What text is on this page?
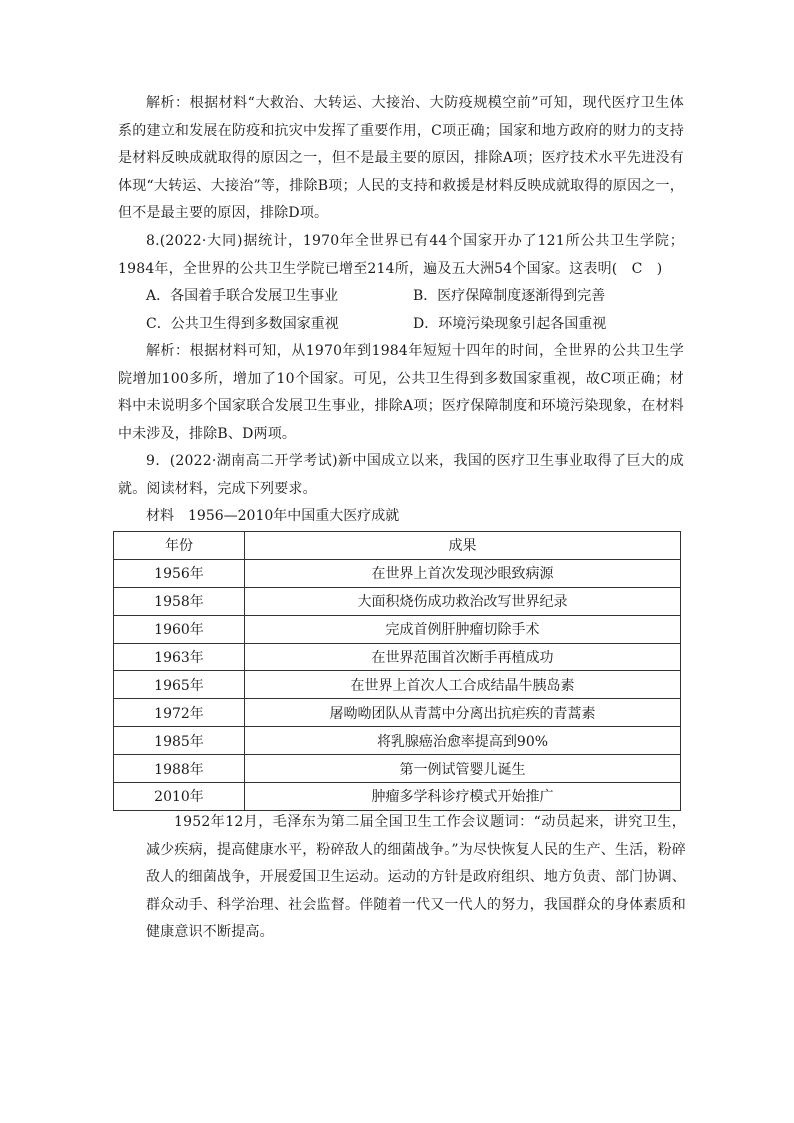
解析：根据材料“大救治、大转运、大接治、大防疫规模空前”可知，现代医疗卫生体系的建立和发展在防疫和抗灾中发挥了重要作用，C项正确；国家和地方政府的财力的支持是材料反映成就取得的原因之一，但不是最主要的原因，排除A项；医疗技术水平先进没有体现“大转运、大接治”等，排除B项；人民的支持和救援是材料反映成就取得的原因之一，但不是最主要的原因，排除D项。

8.(2022·大同)据统计，1970年全世界已有44个国家开办了121所公共卫生学院；1984年，全世界的公共卫生学院已增至214所，遍及五大洲54个国家。这表明(　C　)

A．各国着手联合发展卫生事业	B．医疗保障制度逐渐得到完善
C．公共卫生得到多数国家重视	D．环境污染现象引起各国重视

解析：根据材料可知，从1970年到1984年短短十四年的时间，全世界的公共卫生学院增加100多所，增加了10个国家。可见，公共卫生得到多数国家重视，故C项正确；材料中未说明多个国家联合发展卫生事业，排除A项；医疗保障制度和环境污染现象，在材料中未涉及，排除B、D两项。

9．(2022·湖南高二开学考试)新中国成立以来，我国的医疗卫生事业取得了巨大的成就。阅读材料，完成下列要求。

材料 1956—2010年中国重大医疗成就
年份	成果
1956年	在世界上首次发现沙眼致病源
1958年	大面积烧伤成功救治改写世界纪录
1960年	完成首例肝肿瘤切除手术
1963年	在世界范围首次断手再植成功
1965年	在世界上首次人工合成结晶牛胰岛素
1972年	屠呦呦团队从青蒿中分离出抗疟疾的青蒿素
1985年	将乳腺癌治愈率提高到90%
1988年	第一例试管婴儿诞生
2010年	肿瘤多学科诊疗模式开始推广

1952年12月，毛泽东为第二届全国卫生工作会议题词：“动员起来，讲究卫生，减少疾病，提高健康水平，粉碎敌人的细菌战争。”为尽快恢复人民的生产、生活，粉碎敌人的细菌战争，开展爱国卫生运动。运动的方针是政府组织、地方负责、部门协调、群众动手、科学治理、社会监督。伴随着一代又一代人的努力，我国群众的身体素质和健康意识不断提高。
